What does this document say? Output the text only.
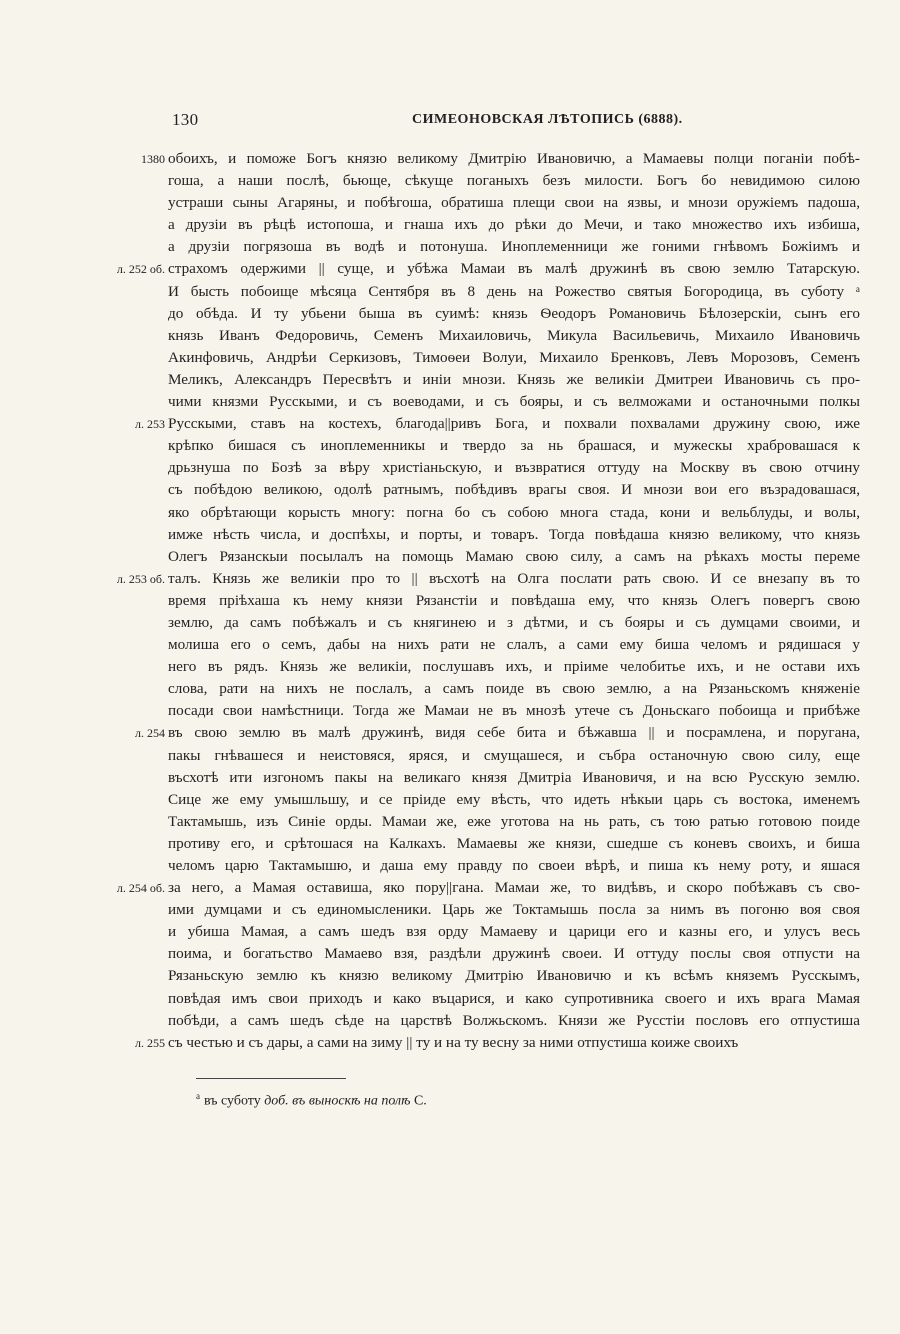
130	СИМЕОНОВСКАЯ ЛѢТОПИСЬ (6888).
1380 обоихъ, и поможе Богъ князю великому Дмитрію Ивановичю, а Мамаевы полци поганіи побѣ-
гоша, а наши послѣ, бьюще, сѣкуще поганыхъ безъ милости. Богъ бо невидимою силою
устраши сыны Агаряны, и побѣгоша, обратиша плещи свои на язвы, и мнози оружіемъ падоша,
а друзіи въ рѣцѣ истопоша, и гнаша ихъ до рѣки до Мечи, и тако множество ихъ избиша,
а друзіи погрязоша въ водѣ и потонуша. Иноплеменници же гоними гнѣвомъ Божіимъ и
л. 252 об. страхомъ одержими || суще, и убѣжа Мамаи въ малѣ дружинѣ въ свою землю Татарскую.
И бысть побоище мѣсяца Сентября въ 8 день на Рожество святыя Богородица, въ суботу ᵃ
до обѣда. И ту убьени быша въ суимѣ: князь Ѳеодоръ Романовичь Бѣлозерскіи, сынъ его
князь Иванъ Федоровичь, Семенъ Михаиловичь, Микула Васильевичь, Михаило Ивановичь
Акинфовичь, Андрѣи Серкизовъ, Тимоѳеи Волуи, Михаило Бренковъ, Левъ Морозовъ, Семенъ
Меликъ, Александръ Пересвѣтъ и иніи мнози. Князь же великіи Дмитреи Ивановичь съ про-
чими князми Русскыми, и съ воеводами, и съ бояры, и съ велможами и останочными полкы
л. 253 Русскыми, ставъ на костехъ, благода||ривъ Бога, и похвали похвалами дружину свою, иже
крѣпко бишася съ иноплеменникы и твердо за нь брашася, и мужескы храбровашася к
дрьзнуша по Бозѣ за вѣру христіаньскую, и възвратися оттуду на Москву въ свою отчину
съ побѣдою великою, одолѣ ратнымъ, побѣдивъ врагы своя. И мнози вои его възрадовашася,
яко обрѣтающи корысть многу: погна бо съ собою многа стада, кони и вельблуды, и волы,
имже нѣсть числа, и доспѣхы, и порты, и товаръ. Тогда повѣдаша князю великому, что князь
Олегъ Рязанскыи посылалъ на помощь Мамаю свою силу, а самъ на рѣкахъ мосты переме
л. 253 об. талъ. Князь же великіи про то || въсхотѣ на Олга послати рать свою. И се внезапу въ то
время пріѣхаша къ нему князи Рязанстіи и повѣдаша ему, что князь Олегъ повергъ свою
землю, да самъ побѣжалъ и съ княгинею и з дѣтми, и съ бояры и съ думцами своими, и
молиша его о семъ, дабы на нихъ рати не слалъ, а сами ему биша челомъ и рядишася у
него въ рядъ. Князь же великіи, послушавъ ихъ, и пріиме челобитье ихъ, и не остави ихъ
слова, рати на нихъ не послалъ, а самъ поиде въ свою землю, а на Рязаньскомъ княженіе
посади свои намѣстници. Тогда же Мамаи не въ мнозѣ утече съ Доньскаго побоища и прибѣже
л. 254 въ свою землю въ малѣ дружинѣ, видя себе бита и бѣжавша || и посрамлена, и поругана,
пакы гнѣвашеся и неистовяся, яряся, и смущашеся, и събра останочную свою силу, еще
въсхотѣ ити изгономъ пакы на великаго князя Дмитріа Ивановичя, и на всю Русскую землю.
Сице же ему умышльшу, и се пріиде ему вѣсть, что идеть нѣкыи царь съ востока, именемъ
Тактамышь, изъ Синіе орды. Мамаи же, еже уготова на нь рать, съ тою ратью готовою поиде
противу его, и срѣтошася на Калкахъ. Мамаевы же князи, сшедше съ коневъ своихъ, и биша
челомъ царю Тактамышю, и даша ему правду по своеи вѣрѣ, и пиша къ нему роту, и яшася
л. 254 об. за него, а Мамая оставиша, яко пору||гана. Мамаи же, то видѣвъ, и скоро побѣжавъ съ сво-
ими думцами и съ единомысленики. Царь же Токтамышь посла за нимъ въ погоню воя своя
и убиша Мамая, а самъ шедъ взя орду Мамаеву и царици его и казны его, и улусъ весь
поима, и богатьство Мамаево взя, раздѣли дружинѣ своеи. И оттуду послы своя отпусти на
Рязаньскую землю къ князю великому Дмитрію Ивановичю и къ всѣмъ княземъ Русскымъ,
повѣдая имъ свои приходъ и како въцарися, и како супротивника своего и ихъ врага Мамая
побѣди, а самъ шедъ сѣде на царствѣ Волжьскомъ. Князи же Русстіи пословъ его отпустиша
л. 255 съ честью и съ дары, а сами на зиму || ту и на ту весну за ними отпустиша коиже своихъ
$^а$ въ суботу доб. въ выноскѣ на полѣ С.
